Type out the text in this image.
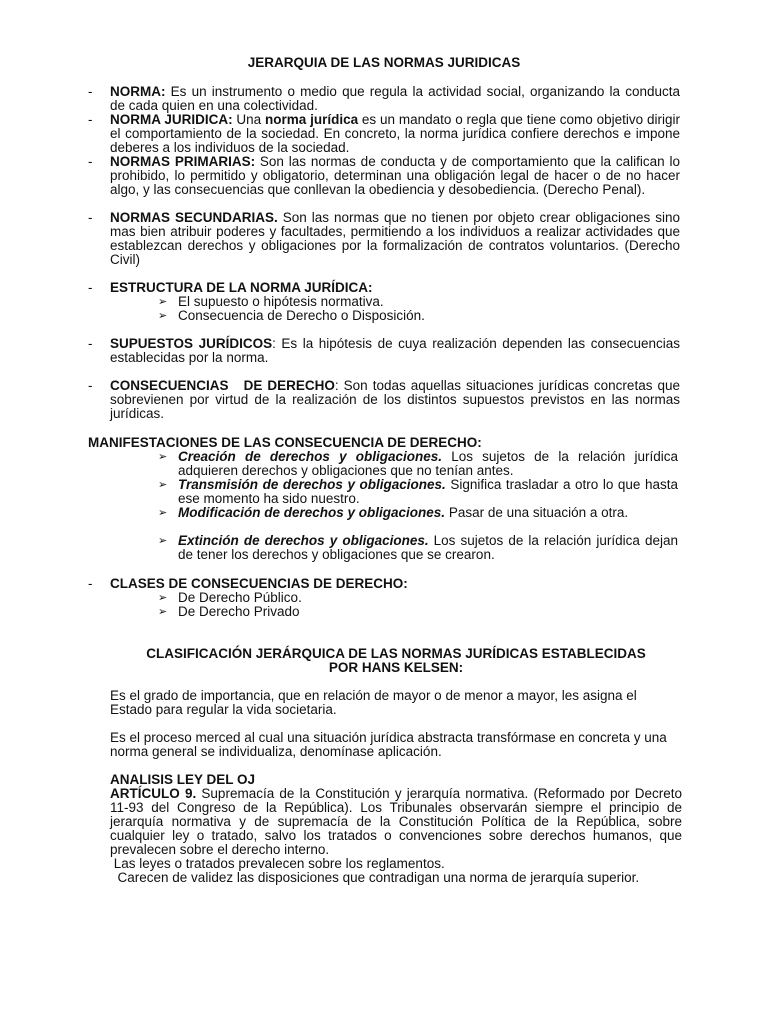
JERARQUIA DE LAS NORMAS JURIDICAS
- NORMA: Es un instrumento o medio que regula la actividad social, organizando la conducta de cada quien en una colectividad.
- NORMA JURIDICA: Una norma jurídica es un mandato o regla que tiene como objetivo dirigir el comportamiento de la sociedad. En concreto, la norma jurídica confiere derechos e impone deberes a los individuos de la sociedad.
- NORMAS PRIMARIAS: Son las normas de conducta y de comportamiento que la califican lo prohibido, lo permitido y obligatorio, determinan una obligación legal de hacer o de no hacer algo, y las consecuencias que conllevan la obediencia y desobediencia. (Derecho Penal).
- NORMAS SECUNDARIAS. Son las normas que no tienen por objeto crear obligaciones sino mas bien atribuir poderes y facultades, permitiendo a los individuos a realizar actividades que establezcan derechos y obligaciones por la formalización de contratos voluntarios. (Derecho Civil)
- ESTRUCTURA DE LA NORMA JURÍDICA:
➢ El supuesto o hipótesis normativa.
➢ Consecuencia de Derecho o Disposición.
- SUPUESTOS JURÍDICOS: Es la hipótesis de cuya realización dependen las consecuencias establecidas por la norma.
- CONSECUENCIAS   DE DERECHO: Son todas aquellas situaciones jurídicas concretas que sobrevienen por virtud de la realización de los distintos supuestos previstos en las normas jurídicas.
MANIFESTACIONES DE LAS CONSECUENCIA DE DERECHO:
➢ Creación de derechos y obligaciones. Los sujetos de la relación jurídica adquieren derechos y obligaciones que no tenían antes.
➢ Transmisión de derechos y obligaciones. Significa trasladar a otro lo que hasta ese momento ha sido nuestro.
➢ Modificación de derechos y obligaciones. Pasar de una situación a otra.
➢ Extinción de derechos y obligaciones. Los sujetos de la relación jurídica dejan de tener los derechos y obligaciones que se crearon.
- CLASES DE CONSECUENCIAS DE DERECHO:
➢ De Derecho Público.
➢ De Derecho Privado
CLASIFICACIÓN JERÁRQUICA DE LAS NORMAS JURÍDICAS ESTABLECIDAS
POR HANS KELSEN:
Es el grado de importancia, que en relación de mayor o de menor a mayor, les asigna el Estado para regular la vida societaria.
Es el proceso merced al cual una situación jurídica abstracta transfórmase en concreta y una norma general se individualiza, denomínase aplicación.
ANALISIS LEY DEL OJ
ARTÍCULO 9. Supremacía de la Constitución y jerarquía normativa. (Reformado por Decreto 11-93 del Congreso de la República). Los Tribunales observarán siempre el principio de jerarquía normativa y de supremacía de la Constitución Política de la República, sobre cualquier ley o tratado, salvo los tratados o convenciones sobre derechos humanos, que prevalecen sobre el derecho interno.
Las leyes o tratados prevalecen sobre los reglamentos.
Carecen de validez las disposiciones que contradigan una norma de jerarquía superior.
